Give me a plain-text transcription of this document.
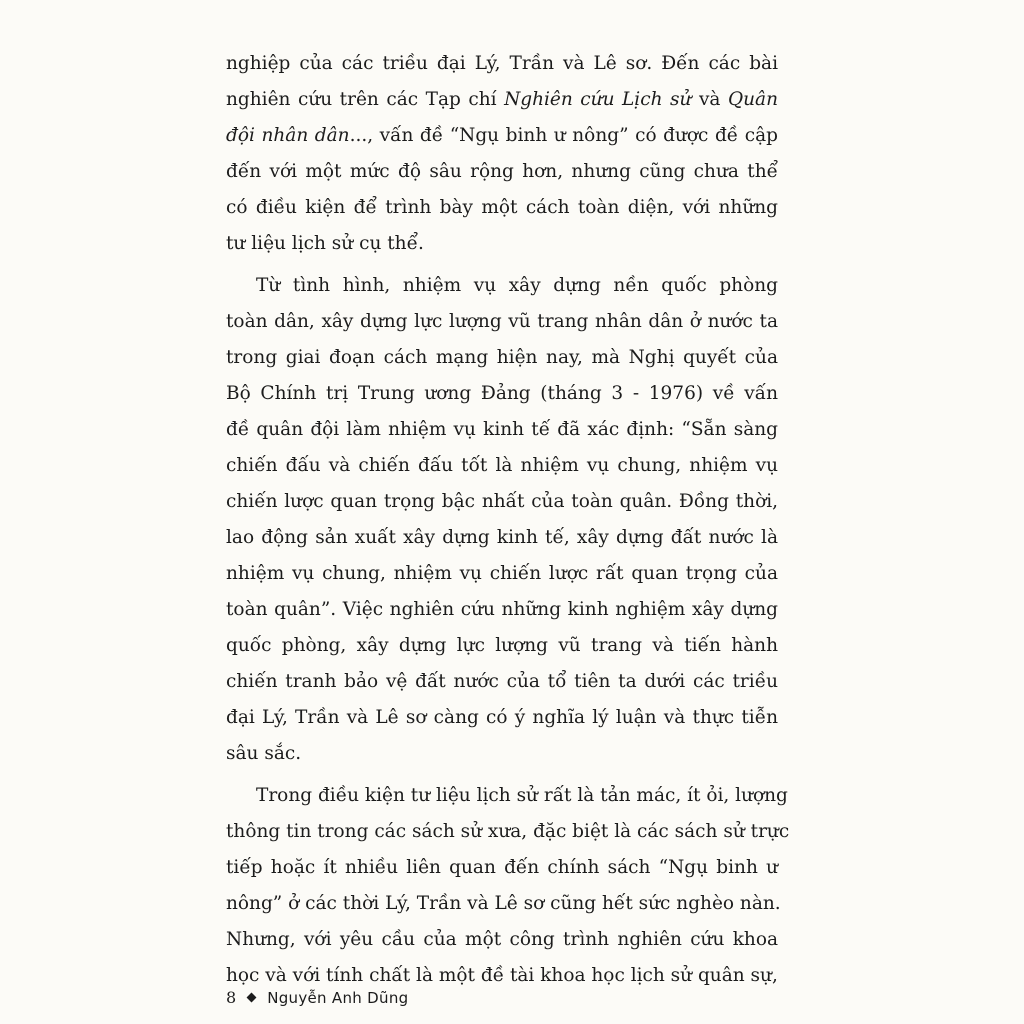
nghiệp của các triều đại Lý, Trần và Lê sơ. Đến các bài
nghiên cứu trên các Tạp chí Nghiên cứu Lịch sử và Quân
đội nhân dân..., vấn đề “Ngụ binh ư nông” có được đề cập
đến với một mức độ sâu rộng hơn, nhưng cũng chưa thể
có điều kiện để trình bày một cách toàn diện, với những
tư liệu lịch sử cụ thể.
Từ tình hình, nhiệm vụ xây dựng nền quốc phòng
toàn dân, xây dựng lực lượng vũ trang nhân dân ở nước ta
trong giai đoạn cách mạng hiện nay, mà Nghị quyết của
Bộ Chính trị Trung ương Đảng (tháng 3 - 1976) về vấn
đề quân đội làm nhiệm vụ kinh tế đã xác định: “Sẵn sàng
chiến đấu và chiến đấu tốt là nhiệm vụ chung, nhiệm vụ
chiến lược quan trọng bậc nhất của toàn quân. Đồng thời,
lao động sản xuất xây dựng kinh tế, xây dựng đất nước là
nhiệm vụ chung, nhiệm vụ chiến lược rất quan trọng của
toàn quân”. Việc nghiên cứu những kinh nghiệm xây dựng
quốc phòng, xây dựng lực lượng vũ trang và tiến hành
chiến tranh bảo vệ đất nước của tổ tiên ta dưới các triều
đại Lý, Trần và Lê sơ càng có ý nghĩa lý luận và thực tiễn
sâu sắc.
Trong điều kiện tư liệu lịch sử rất là tản mác, ít ỏi, lượng
thông tin trong các sách sử xưa, đặc biệt là các sách sử trực
tiếp hoặc ít nhiều liên quan đến chính sách “Ngụ binh ư
nông” ở các thời Lý, Trần và Lê sơ cũng hết sức nghèo nàn.
Nhưng, với yêu cầu của một công trình nghiên cứu khoa
học và với tính chất là một đề tài khoa học lịch sử quân sự,
8 Nguyễn Anh Dũng
